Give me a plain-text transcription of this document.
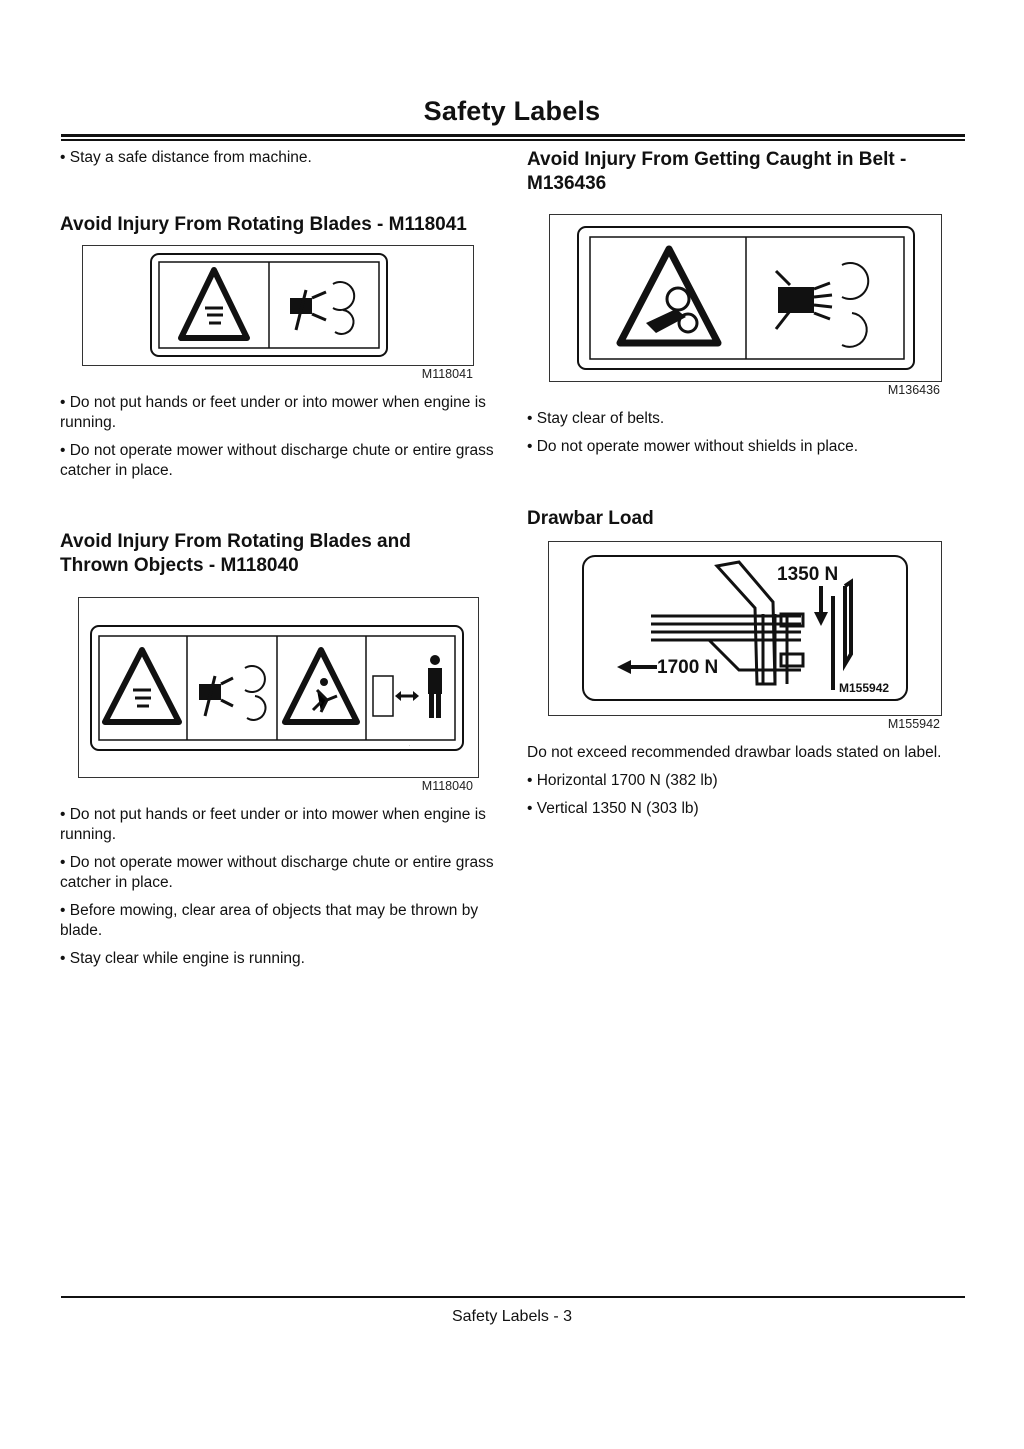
Safety Labels
• Stay a safe distance from machine.
Avoid Injury From Rotating Blades - M118041
M118041
• Do not put hands or feet under or into mower when engine is running.
• Do not operate mower without discharge chute or entire grass catcher in place.
Avoid Injury From Rotating Blades and
Thrown Objects - M118040
·
M118040
• Do not put hands or feet under or into mower when engine is running.
• Do not operate mower without discharge chute or entire grass catcher in place.
• Before mowing, clear area of objects that may be thrown by blade.
• Stay clear while engine is running.
Avoid Injury From Getting Caught in Belt -
M136436
M136436
• Stay clear of belts.
• Do not operate mower without shields in place.
Drawbar Load
1350 N
1700 N
M155942
M155942
Do not exceed recommended drawbar loads stated on label.
• Horizontal 1700 N (382 lb)
• Vertical 1350 N (303 lb)
Safety Labels - 3
